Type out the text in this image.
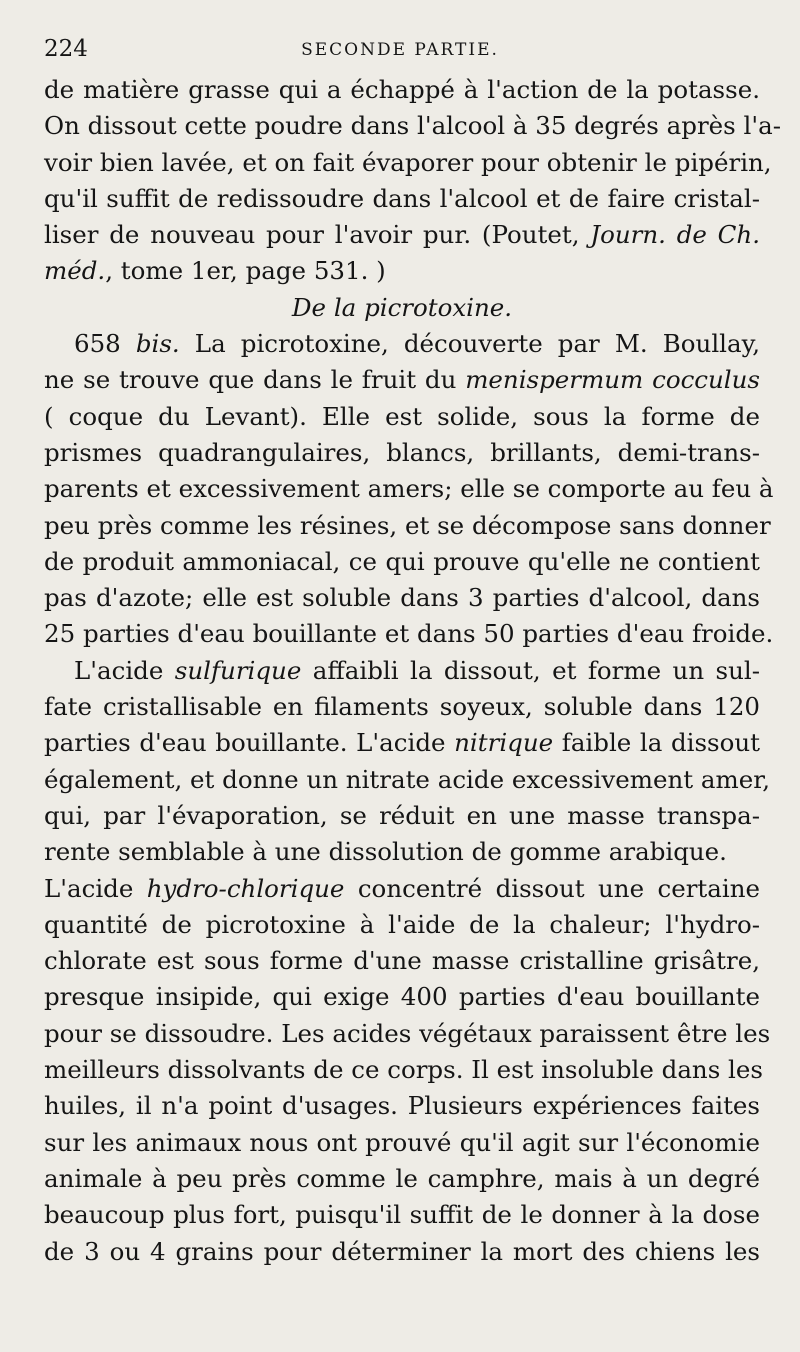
224	SECONDE PARTIE.
de matière grasse qui a échappé à l'action de la potasse.
On dissout cette poudre dans l'alcool à 35 degrés après l'a-
voir bien lavée, et on fait évaporer pour obtenir le pipérin,
qu'il suffit de redissoudre dans l'alcool et de faire cristal-
liser de nouveau pour l'avoir pur. (Poutet, Journ. de Ch.
méd., tome 1er, page 531. )
De la picrotoxine.
658 bis. La picrotoxine, découverte par M. Boullay,
ne se trouve que dans le fruit du menispermum cocculus
( coque du Levant). Elle est solide, sous la forme de
prismes quadrangulaires, blancs, brillants, demi-trans-
parents et excessivement amers; elle se comporte au feu à
peu près comme les résines, et se décompose sans donner
de produit ammoniacal, ce qui prouve qu'elle ne contient
pas d'azote; elle est soluble dans 3 parties d'alcool, dans
25 parties d'eau bouillante et dans 50 parties d'eau froide.
L'acide sulfurique affaibli la dissout, et forme un sul-
fate cristallisable en filaments soyeux, soluble dans 120
parties d'eau bouillante. L'acide nitrique faible la dissout
également, et donne un nitrate acide excessivement amer,
qui, par l'évaporation, se réduit en une masse transpa-
rente semblable à une dissolution de gomme arabique.
L'acide hydro-chlorique concentré dissout une certaine
quantité de picrotoxine à l'aide de la chaleur; l'hydro-
chlorate est sous forme d'une masse cristalline grisâtre,
presque insipide, qui exige 400 parties d'eau bouillante
pour se dissoudre. Les acides végétaux paraissent être les
meilleurs dissolvants de ce corps. Il est insoluble dans les
huiles, il n'a point d'usages. Plusieurs expériences faites
sur les animaux nous ont prouvé qu'il agit sur l'économie
animale à peu près comme le camphre, mais à un degré
beaucoup plus fort, puisqu'il suffit de le donner à la dose
de 3 ou 4 grains pour déterminer la mort des chiens les
